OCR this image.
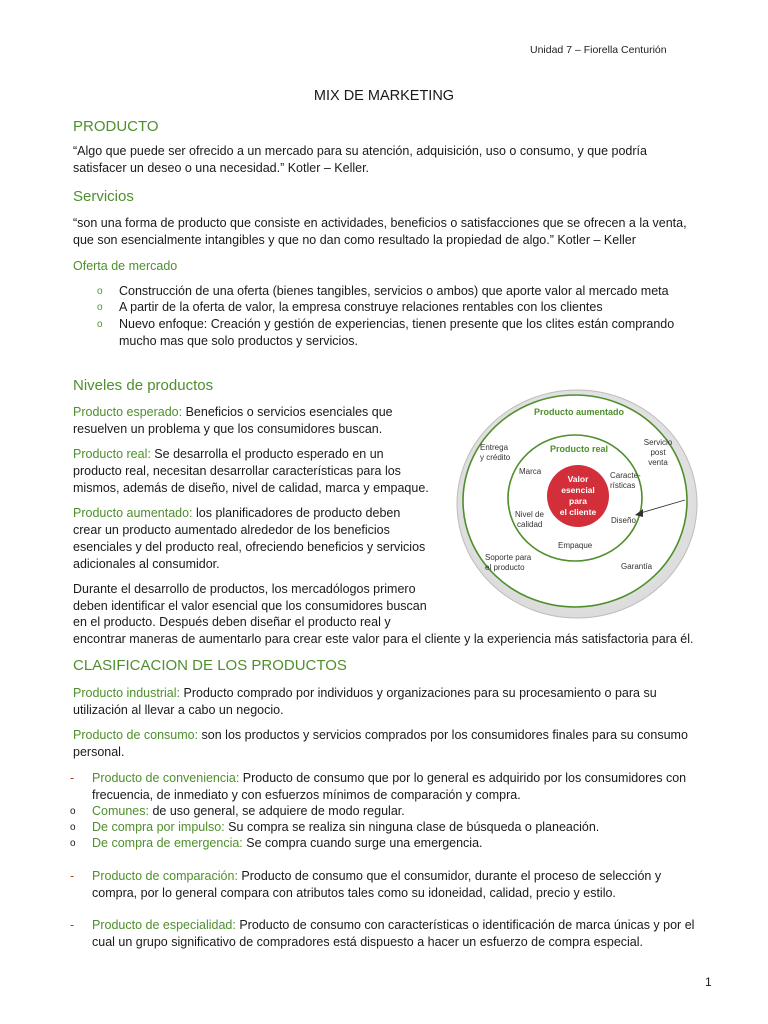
Unidad 7 – Fiorella Centurión
MIX DE MARKETING
PRODUCTO
“Algo que puede ser ofrecido a un mercado para su atención, adquisición, uso o consumo, y que podría
satisfacer un deseo o una necesidad.” Kotler – Keller.
Servicios
“son una forma de producto que consiste en actividades, beneficios o satisfacciones que se ofrecen a la venta,
que son esencialmente intangibles y que no dan como resultado la propiedad de algo.” Kotler – Keller
Oferta de mercado
o Construcción de una oferta (bienes tangibles, servicios o ambos) que aporte valor al mercado meta
o A partir de la oferta de valor, la empresa construye relaciones rentables con los clientes
o Nuevo enfoque: Creación y gestión de experiencias, tienen presente que los clites están comprando
mucho mas que solo productos y servicios.
Niveles de productos
Producto esperado: Beneficios o servicios esenciales que
resuelven un problema y que los consumidores buscan.
Producto real: Se desarrolla el producto esperado en un
producto real, necesitan desarrollar características para los
mismos, además de diseño, nivel de calidad, marca y empaque.
Producto aumentado: los planificadores de producto deben
crear un producto aumentado alrededor de los beneficios
esenciales y del producto real, ofreciendo beneficios y servicios
adicionales al consumidor.
Durante el desarrollo de productos, los mercadólogos primero
deben identificar el valor esencial que los consumidores buscan
en el producto. Después deben diseñar el producto real y
encontrar maneras de aumentarlo para crear este valor para el cliente y la experiencia más satisfactoria para él.
Producto aumentado
Producto real
Entrega
y crédito
Servicio
post
venta
Soporte para
el producto	Garantía
Marca	Caracte-
rísticas
Nivel de
calidad	Diseño
Empaque
Valor
esencial
para
el cliente
CLASIFICACION DE LOS PRODUCTOS
Producto industrial: Producto comprado por individuos y organizaciones para su procesamiento o para su
utilización al llevar a cabo un negocio.
Producto de consumo: son los productos y servicios comprados por los consumidores finales para su consumo
personal.
- Producto de conveniencia: Producto de consumo que por lo general es adquirido por los consumidores con
frecuencia, de inmediato y con esfuerzos mínimos de comparación y compra.
o Comunes: de uso general, se adquiere de modo regular.
o De compra por impulso: Su compra se realiza sin ninguna clase de búsqueda o planeación.
o De compra de emergencia: Se compra cuando surge una emergencia.
- Producto de comparación: Producto de consumo que el consumidor, durante el proceso de selección y
compra, por lo general compara con atributos tales como su idoneidad, calidad, precio y estilo.
- Producto de especialidad: Producto de consumo con características o identificación de marca únicas y por el
cual un grupo significativo de compradores está dispuesto a hacer un esfuerzo de compra especial.
1
